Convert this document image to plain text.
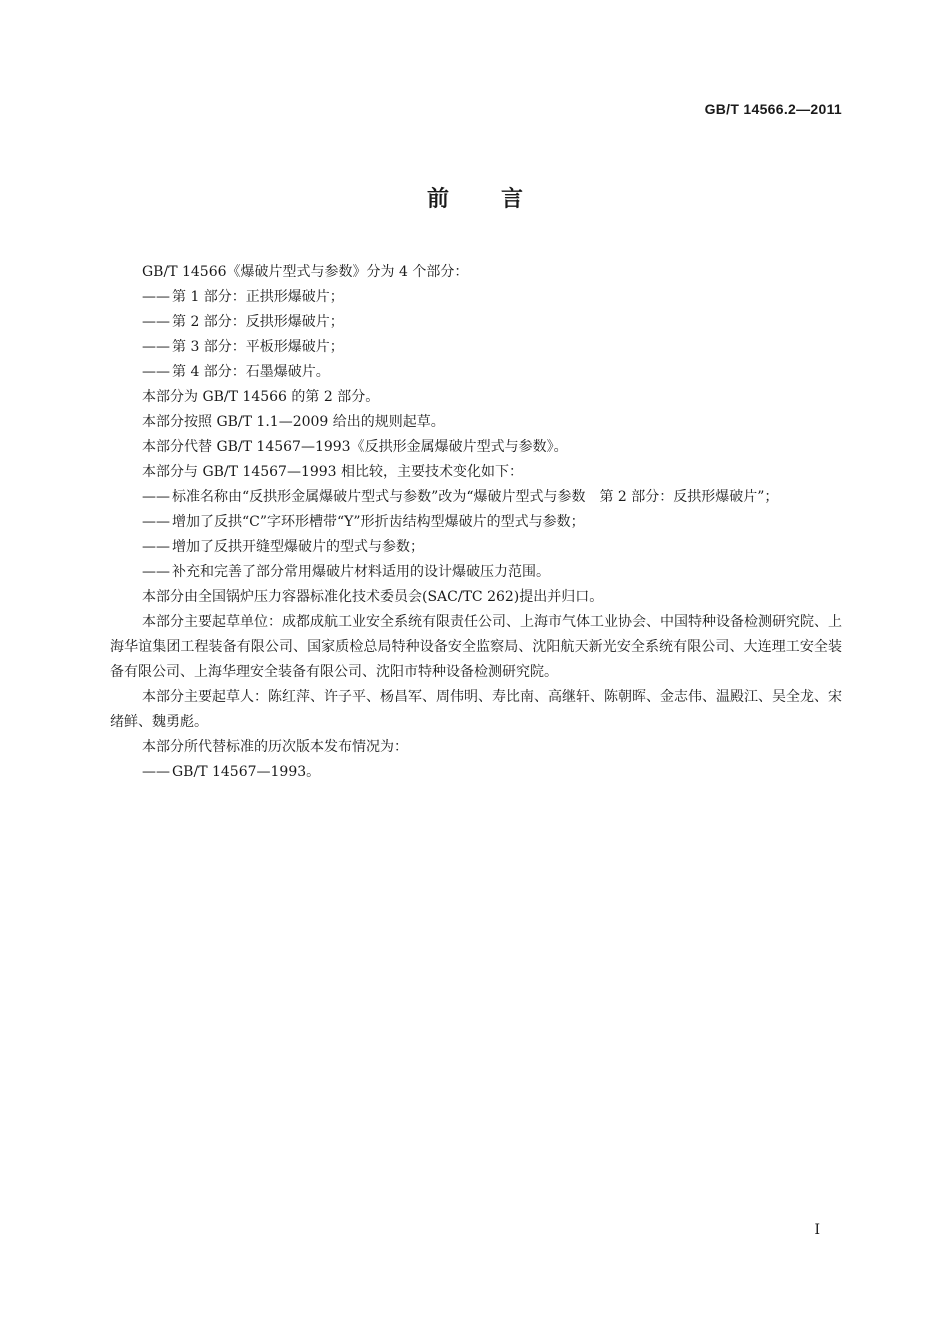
GB/T 14566.2—2011
前 言

GB/T 14566《爆破片型式与参数》分为 4 个部分：

—— 第 1 部分：正拱形爆破片；

—— 第 2 部分：反拱形爆破片；

—— 第 3 部分：平板形爆破片；

—— 第 4 部分：石墨爆破片。

本部分为 GB/T 14566 的第 2 部分。

本部分按照 GB/T 1.1—2009 给出的规则起草。

本部分代替 GB/T 14567—1993《反拱形金属爆破片型式与参数》。

本部分与 GB/T 14567—1993 相比较，主要技术变化如下：

—— 标准名称由“反拱形金属爆破片型式与参数”改为“爆破片型式与参数　第 2 部分：反拱形爆破片”；

—— 增加了反拱“C”字环形槽带“Y”形折齿结构型爆破片的型式与参数；

—— 增加了反拱开缝型爆破片的型式与参数；

—— 补充和完善了部分常用爆破片材料适用的设计爆破压力范围。

本部分由全国锅炉压力容器标准化技术委员会(SAC/TC 262)提出并归口。

本部分主要起草单位：成都成航工业安全系统有限责任公司、上海市气体工业协会、中国特种设备检测研究院、上海华谊集团工程装备有限公司、国家质检总局特种设备安全监察局、沈阳航天新光安全系统有限公司、大连理工安全装备有限公司、上海华理安全装备有限公司、沈阳市特种设备检测研究院。

本部分主要起草人：陈红萍、许子平、杨昌军、周伟明、寿比南、高继轩、陈朝晖、金志伟、温殿江、吴全龙、宋绪鲜、魏勇彪。

本部分所代替标准的历次版本发布情况为：

—— GB/T 14567—1993。

I
